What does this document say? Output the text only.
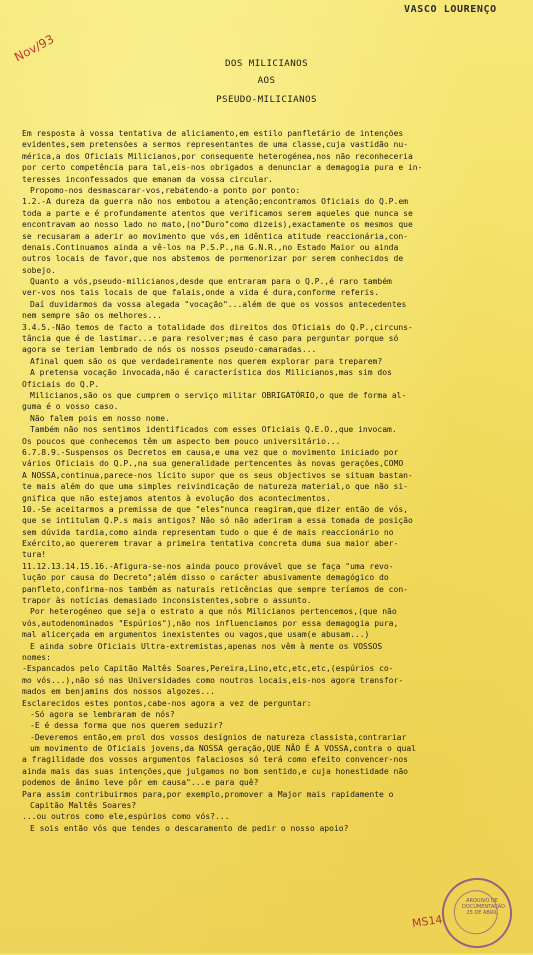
VASCO LOURENÇO
Nov/93	DOS MILICIANOS
AOS
PSEUDO-MILICIANOS
Em resposta à vossa tentativa de aliciamento,em estilo panfletário de intenções
evidentes,sem pretensões a sermos representantes de uma classe,cuja vastidão nu-
mérica,a dos Oficiais Milicianos,por consequente heterogénea,nos não reconheceria
por certo competência para tal,eis-nos obrigados a denunciar a demagogia pura e in-
teresses inconfessados que emanam da vossa circular.
Propomo-nos desmascarar-vos,rebatendo-a ponto por ponto:
1.2.-A dureza da guerra não nos embotou a atenção;encontramos Oficiais do Q.P.em
toda a parte e é profundamente atentos que verificamos serem aqueles que nunca se
encontravam ao nosso lado no mato,(no"Duro"como dizeis),exactamente os mesmos que
se recusaram a aderir ao movimento que vós,em idêntica atitude reaccionária,con-
denais.Continuamos ainda a vê-los na P.S.P.,na G.N.R.,no Estado Maior ou ainda
outros locais de favor,que nos abstemos de pormenorizar por serem conhecidos de
sobejo.
Quanto a vós,pseudo-milicianos,desde que entraram para o Q.P.,é raro também
ver-vos nos tais locais de que falais,onde a vida é dura,conforme referis.
Daí duvidarmos da vossa alegada "vocação"...além de que os vossos antecedentes
nem sempre são os melhores...
3.4.5.-Não temos de facto a totalidade dos direitos dos Oficiais do Q.P.,circuns-
tância que é de lastimar...e para resolver;mas é caso para perguntar porque só
agora se teriam lembrado de nós os nossos pseudo-camaradas...
Afinal quem são os que verdadeiramente nos querem explorar para treparem?
A pretensa vocação invocada,não é característica dos Milicianos,mas sim dos
Oficiais do Q.P.
Milicianos,são os que cumprem o serviço militar OBRIGATÓRIO,o que de forma al-
guma é o vosso caso.
Não falem pois em nosso nome.
Também não nos sentimos identificados com esses Oficiais Q.E.O.,que invocam.
Os poucos que conhecemos têm um aspecto bem pouco universitário...
6.7.8.9.-Suspensos os Decretos em causa,e uma vez que o movimento iniciado por
vários Oficiais do Q.P.,na sua generalidade pertencentes às novas gerações,COMO
A NOSSA,continua,parece-nos lícito supor que os seus objectivos se situam bastan-
te mais além do que uma simples reivindicação de natureza material,o que não si-
gnifica que não estejamos atentos à evolução dos acontecimentos.
10.-Se aceitarmos a premissa de que "eles"nunca reagiram,que dizer então de vós,
que se intitulam Q.P.s mais antigos? Não só não aderiram a essa tomada de posição
sem dúvida tardia,como ainda representam tudo o que é de mais reaccionário no
Exército,ao quererem travar a primeira tentativa concreta duma sua maior aber-
tura!
11.12.13.14.15.16.-Afigura-se-nos ainda pouco provável que se faça "uma revo-
lução por causa do Decreto";além disso o carácter abusivamente demagógico do
panfleto,confirma-nos também as naturais reticências que sempre teríamos de con-
trapor às notícias demasiado inconsistentes,sobre o assunto.
Por heterogéneo que seja o estrato a que nós Milicianos pertencemos,(que não
vós,autodenominados "Espúrios"),não nos influenciamos por essa demagogia pura,
mal alicerçada em argumentos inexistentes ou vagos,que usam(e abusam...)
E ainda sobre Oficiais Ultra-extremistas,apenas nos vêm à mente os VOSSOS
nomes:
-Espancados pelo Capitão Maltês Soares,Pereira,Lino,etc,etc,etc,(espúrios co-
mo vós...),não só nas Universidades como noutros locais,eis-nos agora transfor-
mados em benjamins dos nossos algozes...
Esclarecidos estes pontos,cabe-nos agora a vez de perguntar:
-Só agora se lembraram de nós?
-E é dessa forma que nos querem seduzir?
-Deveremos então,em prol dos vossos desígnios de natureza classista,contrariar
um movimento de Oficiais jovens,da NOSSA geração,QUE NÃO É A VOSSA,contra o qual
a fragilidade dos vossos argumentos falaciosos só terá como efeito convencer-nos
ainda mais das suas intenções,que julgamos no bom sentido,e cuja honestidade não
podemos de ânimo leve pôr em causa"...e para quê?
Para assim contribuirmos para,por exemplo,promover a Major mais rapidamente o
Capitão Maltês Soares?
...ou outros como ele,espúrios como vós?...
E sois então vós que tendes o descaramento de pedir o nosso apoio?
ARQUIVO DE DOCUMENTAÇÃO 25 DE ABRIL
MS14
